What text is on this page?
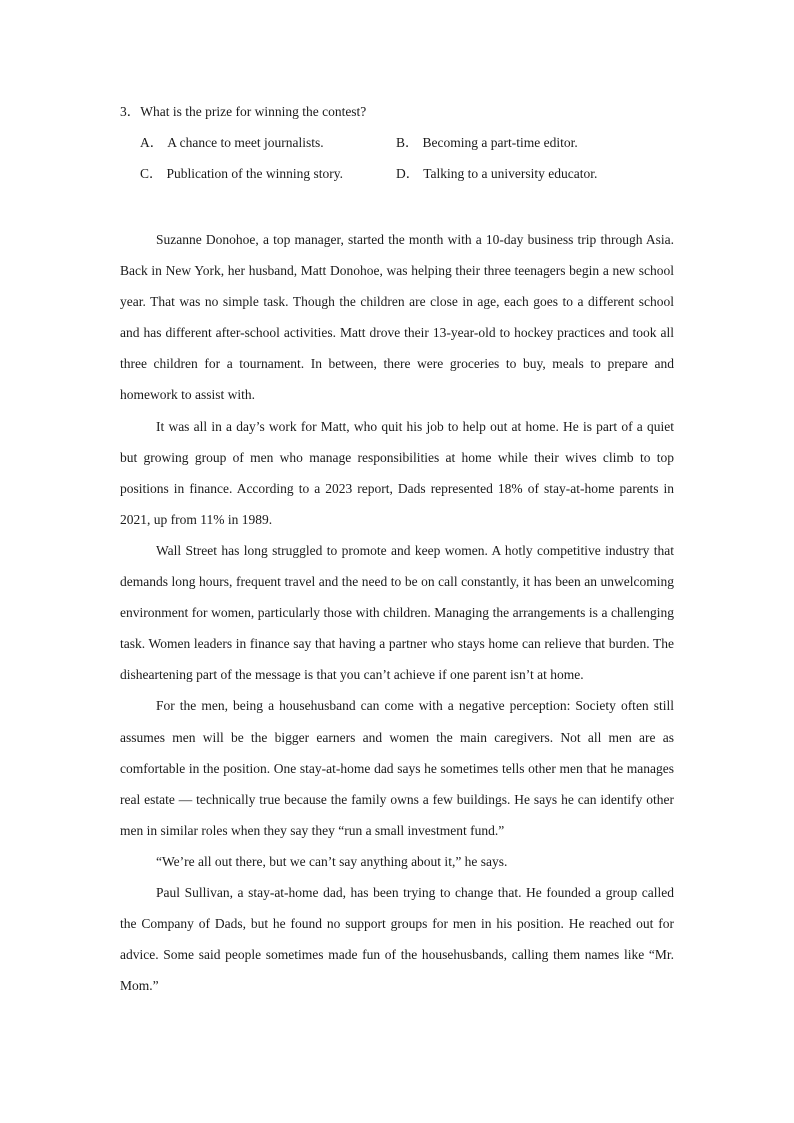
3．What is the prize for winning the contest?
A． A chance to meet journalists.	B． Becoming a part-time editor.
C． Publication of the winning story.	D． Talking to a university educator.

Suzanne Donohoe, a top manager, started the month with a 10-day business trip through Asia. Back in New York, her husband, Matt Donohoe, was helping their three teenagers begin a new school year. That was no simple task. Though the children are close in age, each goes to a different school and has different after-school activities. Matt drove their 13-year-old to hockey practices and took all three children for a tournament. In between, there were groceries to buy, meals to prepare and homework to assist with.

It was all in a day’s work for Matt, who quit his job to help out at home. He is part of a quiet but growing group of men who manage responsibilities at home while their wives climb to top positions in finance. According to a 2023 report, Dads represented 18% of stay-at-home parents in 2021, up from 11% in 1989.

Wall Street has long struggled to promote and keep women. A hotly competitive industry that demands long hours, frequent travel and the need to be on call constantly, it has been an unwelcoming environment for women, particularly those with children. Managing the arrangements is a challenging task. Women leaders in finance say that having a partner who stays home can relieve that burden. The disheartening part of the message is that you can’t achieve if one parent isn’t at home.

For the men, being a househusband can come with a negative perception: Society often still assumes men will be the bigger earners and women the main caregivers. Not all men are as comfortable in the position. One stay-at-home dad says he sometimes tells other men that he manages real estate — technically true because the family owns a few buildings. He says he can identify other men in similar roles when they say they “run a small investment fund.”

“We’re all out there, but we can’t say anything about it,” he says.

Paul Sullivan, a stay-at-home dad, has been trying to change that. He founded a group called the Company of Dads, but he found no support groups for men in his position. He reached out for advice. Some said people sometimes made fun of the househusbands, calling them names like “Mr. Mom.”
